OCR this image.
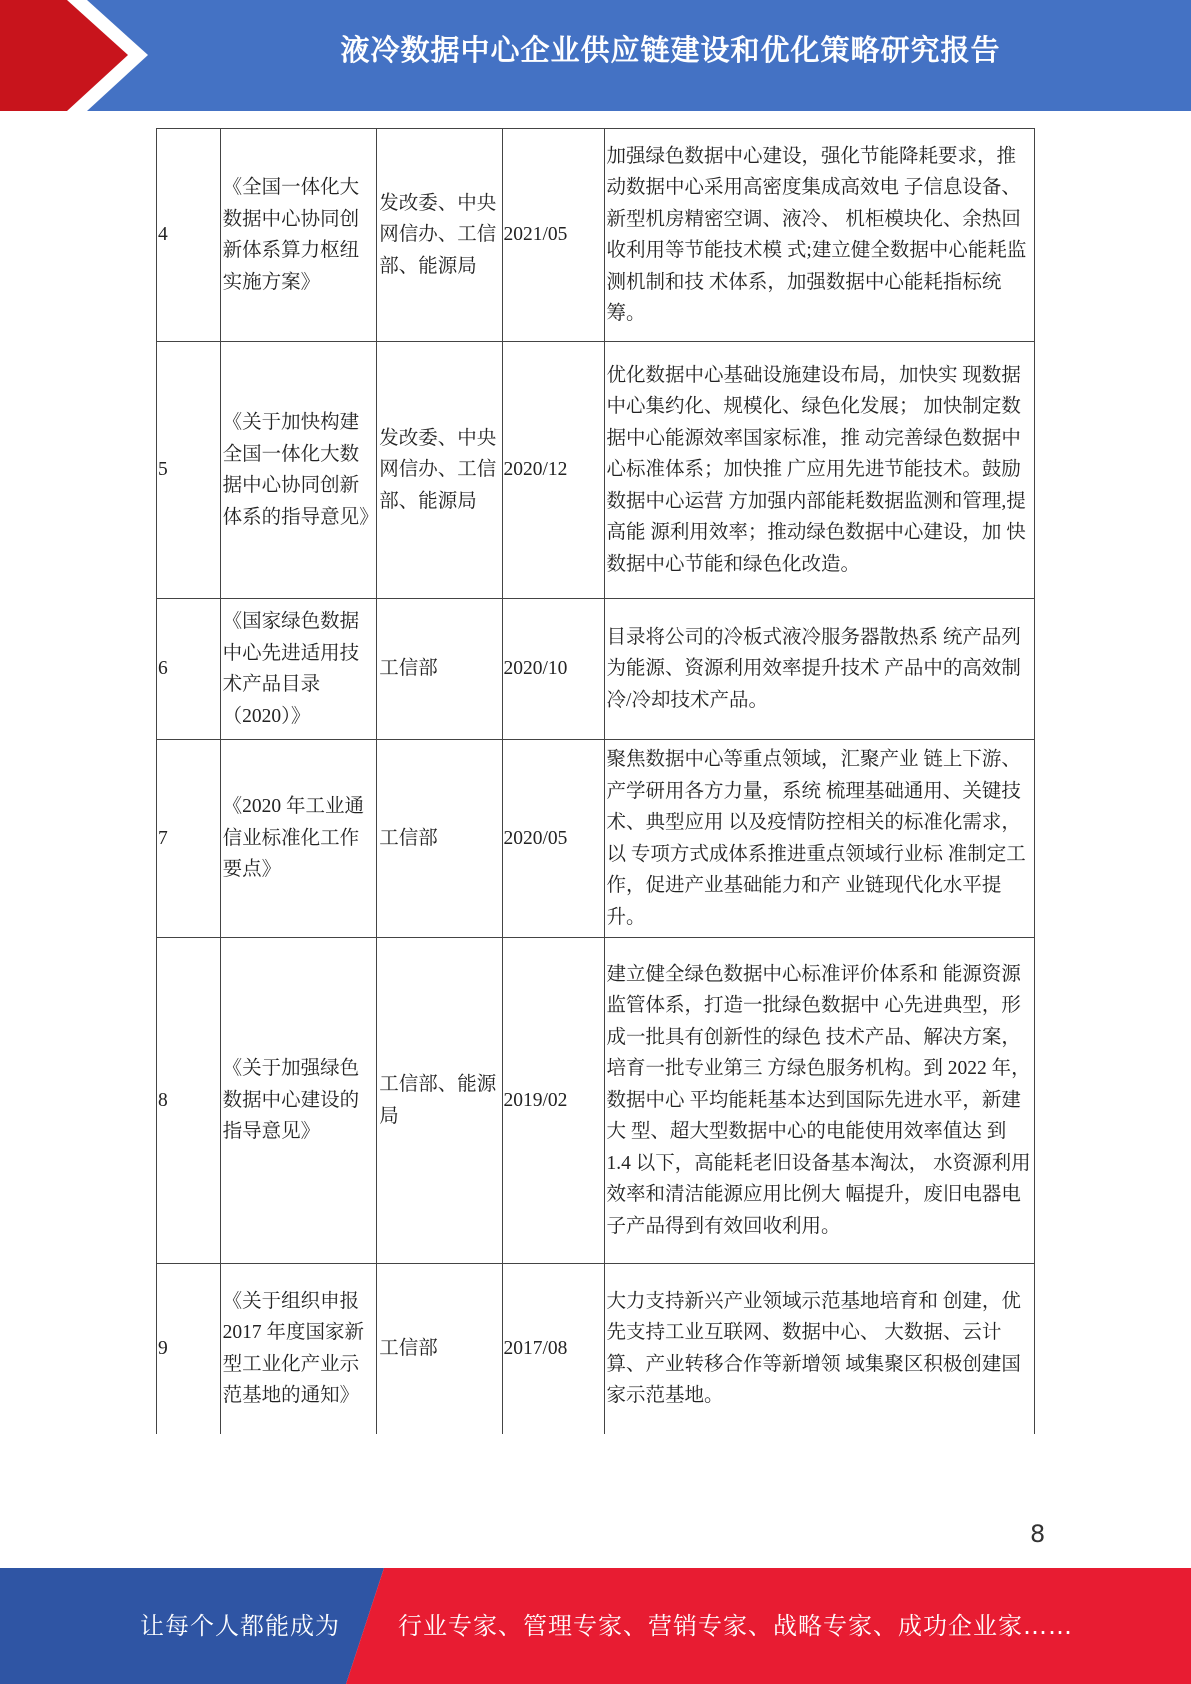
液冷数据中心企业供应链建设和优化策略研究报告
4	《全国一体化大数据中心协同创新体系算力枢纽实施方案》	发改委、中央网信办、工信部、能源局	2021/05	加强绿色数据中心建设，强化节能降耗要求，推动数据中心采用高密度集成高效电 子信息设备、新型机房精密空调、液冷、 机柜模块化、余热回收利用等节能技术模 式;建立健全数据中心能耗监测机制和技 术体系，加强数据中心能耗指标统筹。
5	《关于加快构建全国一体化大数据中心协同创新体系的指导意见》	发改委、中央网信办、工信部、能源局	2020/12	优化数据中心基础设施建设布局，加快实 现数据中心集约化、规模化、绿色化发展； 加快制定数据中心能源效率国家标准，推 动完善绿色数据中心标准体系；加快推 广应用先进节能技术。鼓励数据中心运营 方加强内部能耗数据监测和管理,提高能 源利用效率；推动绿色数据中心建设，加 快数据中心节能和绿色化改造。
6	《国家绿色数据中心先进适用技术产品目录（2020）》	工信部	2020/10	目录将公司的冷板式液冷服务器散热系 统产品列为能源、资源利用效率提升技术 产品中的高效制冷/冷却技术产品。
7	《2020 年工业通信业标准化工作要点》	工信部	2020/05	聚焦数据中心等重点领域，汇聚产业 链上下游、产学研用各方力量，系统 梳理基础通用、关键技术、典型应用 以及疫情防控相关的标准化需求，以 专项方式成体系推进重点领域行业标 准制定工作，促进产业基础能力和产 业链现代化水平提升。
8	《关于加强绿色数据中心建设的指导意见》	工信部、能源局	2019/02	建立健全绿色数据中心标准评价体系和 能源资源监管体系，打造一批绿色数据中 心先进典型，形成一批具有创新性的绿色 技术产品、解决方案，培育一批专业第三 方绿色服务机构。到 2022 年，数据中心 平均能耗基本达到国际先进水平，新建大 型、超大型数据中心的电能使用效率值达 到 1.4 以下，高能耗老旧设备基本淘汰， 水资源利用效率和清洁能源应用比例大 幅提升，废旧电器电子产品得到有效回收利用。
9	《关于组织申报 2017 年度国家新型工业化产业示范基地的通知》	工信部	2017/08	大力支持新兴产业领域示范基地培育和 创建，优先支持工业互联网、数据中心、 大数据、云计算、产业转移合作等新增领 域集聚区积极创建国家示范基地。
8
让每个人都能成为 行业专家、管理专家、营销专家、战略专家、成功企业家……
